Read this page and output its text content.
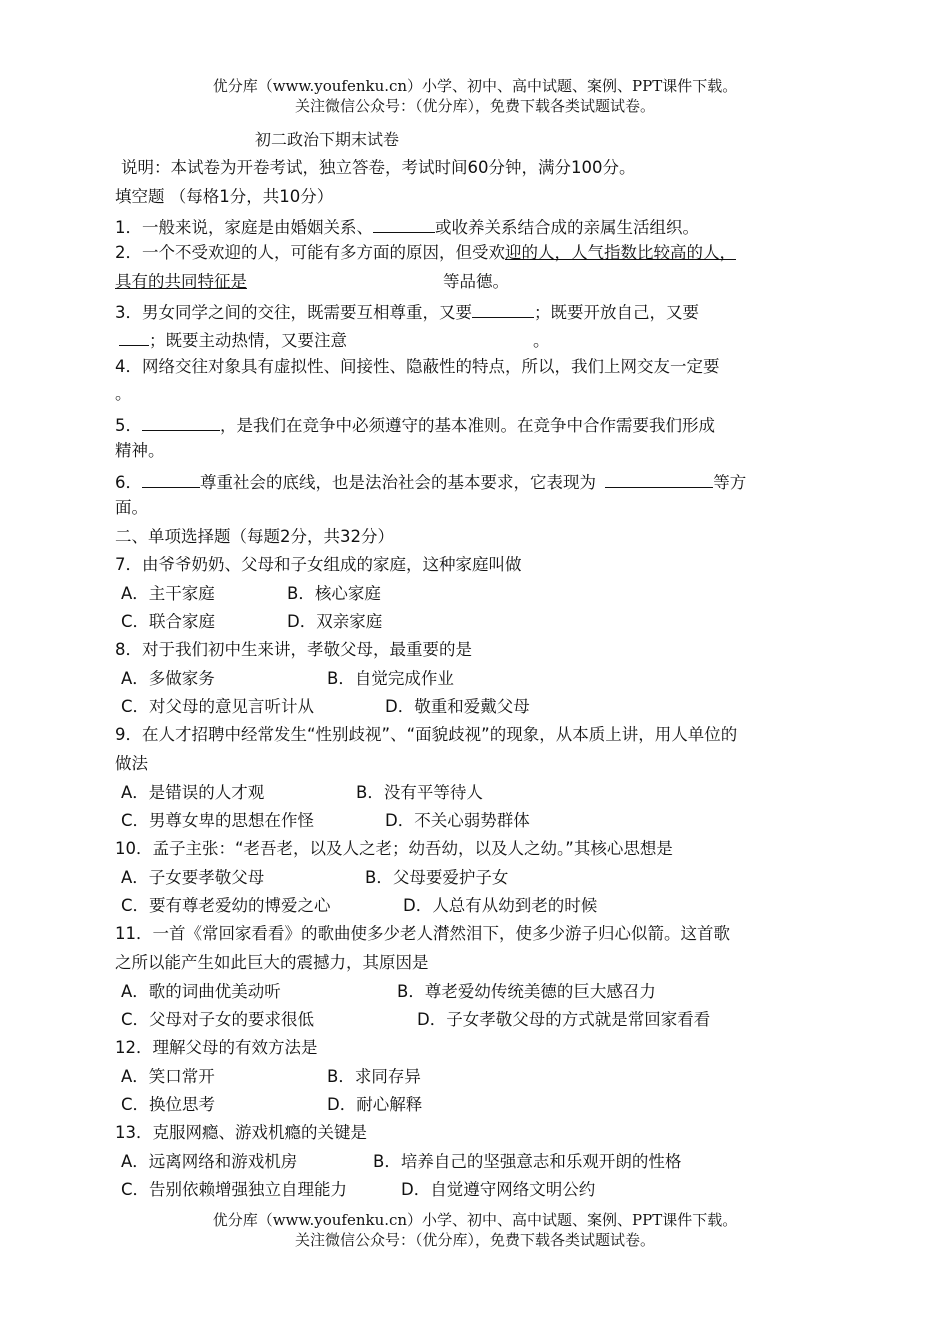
优分库（www.youfenku.cn）小学、初中、高中试题、案例、PPT课件下载。
关注微信公众号：（优分库），免费下载各类试题试卷。
初二政治下期末试卷
说明：本试卷为开卷考试，独立答卷，考试时间60分钟，满分100分。
填空题 （每格1分，共10分）
1．一般来说，家庭是由婚姻关系、	或收养关系结合成的亲属生活组织。
2．一个不受欢迎的人，可能有多方面的原因，但受欢迎的人，人气指数比较高的人，
具有的共同特征是	等品德。
3．男女同学之间的交往，既需要互相尊重，又要	；既要开放自己，又要
；既要主动热情，又要注意	。
4．网络交往对象具有虚拟性、间接性、隐蔽性的特点，所以，我们上网交友一定要
。
5．	，是我们在竞争中必须遵守的基本准则。在竞争中合作需要我们形成
精神。
6．	尊重社会的底线，也是法治社会的基本要求，它表现为	等方
面。
二、单项选择题（每题2分，共32分）
7．由爷爷奶奶、父母和子女组成的家庭，这种家庭叫做
A．主干家庭	B．核心家庭
C．联合家庭	D．双亲家庭
8．对于我们初中生来讲，孝敬父母，最重要的是
A．多做家务	B．自觉完成作业
C．对父母的意见言听计从	D．敬重和爱戴父母
9．在人才招聘中经常发生“性别歧视”、“面貌歧视”的现象，从本质上讲，用人单位的
做法
A．是错误的人才观	B．没有平等待人
C．男尊女卑的思想在作怪	D．不关心弱势群体
10．孟子主张：“老吾老，以及人之老；幼吾幼，以及人之幼。”其核心思想是
A．子女要孝敬父母	B．父母要爱护子女
C．要有尊老爱幼的博爱之心	D．人总有从幼到老的时候
11．一首《常回家看看》的歌曲使多少老人潸然泪下，使多少游子归心似箭。这首歌
之所以能产生如此巨大的震撼力，其原因是
A．歌的词曲优美动听	B．尊老爱幼传统美德的巨大感召力
C．父母对子女的要求很低	D．子女孝敬父母的方式就是常回家看看
12．理解父母的有效方法是
A．笑口常开	B．求同存异
C．换位思考	D．耐心解释
13．克服网瘾、游戏机瘾的关键是
A．远离网络和游戏机房	B．培养自己的坚强意志和乐观开朗的性格
C．告别依赖增强独立自理能力	D．自觉遵守网络文明公约
优分库（www.youfenku.cn）小学、初中、高中试题、案例、PPT课件下载。
关注微信公众号：（优分库），免费下载各类试题试卷。
